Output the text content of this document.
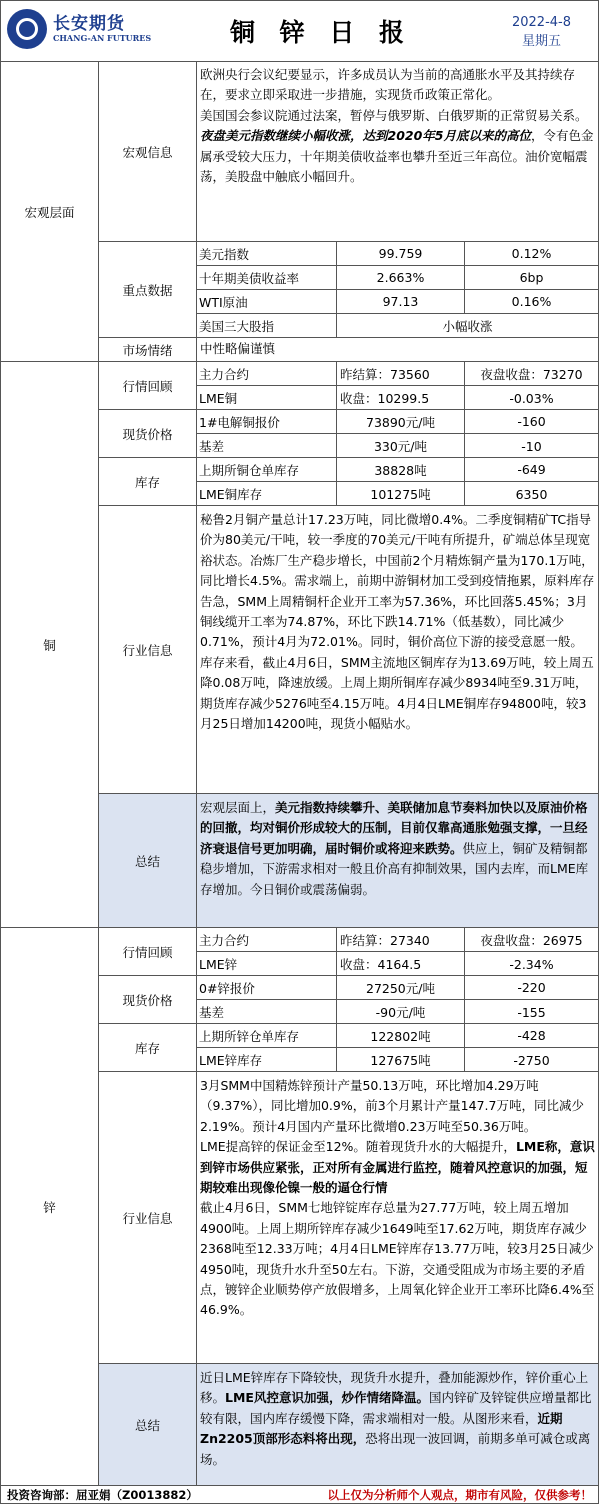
长安期货
CHANG-AN FUTURES	铜 锌 日 报	2022-4-8
星期五
宏观层面
宏观信息

欧洲央行会议纪要显示，许多成员认为当前的高通胀水平及其持续存在，要求立即采取进一步措施，实现货币政策正常化。

美国国会参议院通过法案，暂停与俄罗斯、白俄罗斯的正常贸易关系。

夜盘美元指数继续小幅收涨，达到2020年5月底以来的高位，令有色金属承受较大压力，十年期美债收益率也攀升至近三年高位。油价宽幅震荡，美股盘中触底小幅回升。

重点数据
美元指数	99.759	0.12%
十年期美债收益率	2.663%	6bp
WTI原油	97.13	0.16%
美国三大股指	小幅收涨
市场情绪	中性略偏谨慎
铜
行情回顾
主力合约	昨结算：73560	夜盘收盘：73270
LME铜	收盘：10299.5	-0.03%
现货价格
1#电解铜报价	73890元/吨	-160
基差	330元/吨	-10
库存
上期所铜仓单库存	38828吨	-649
LME铜库存	101275吨	6350
行业信息
秘鲁2月铜产量总计17.23万吨，同比微增0.4%。二季度铜精矿TC指导价为80美元/干吨，较一季度的70美元/干吨有所提升，矿端总体呈现宽裕状态。冶炼厂生产稳步增长，中国前2个月精炼铜产量为170.1万吨，同比增长4.5%。需求端上，前期中游铜材加工受到疫情拖累，原料库存告急，SMM上周精铜杆企业开工率为57.36%，环比回落5.45%；3月铜线缆开工率为74.87%，环比下跌14.71%（低基数），同比减少0.71%，预计4月为72.01%。同时，铜价高位下游的接受意愿一般。库存来看，截止4月6日，SMM主流地区铜库存为13.69万吨，较上周五降0.08万吨，降速放缓。上周上期所铜库存减少8934吨至9.31万吨，期货库存减少5276吨至4.15万吨。4月4日LME铜库存94800吨，较3月25日增加14200吨，现货小幅贴水。
总结
宏观层面上，美元指数持续攀升、美联储加息节奏料加快以及原油价格的回撤，均对铜价形成较大的压制，目前仅靠高通胀勉强支撑，一旦经济衰退信号更加明确，届时铜价或将迎来跌势。供应上，铜矿及精铜都稳步增加，下游需求相对一般且价高有抑制效果，国内去库，而LME库存增加。今日铜价或震荡偏弱。
锌
行情回顾
主力合约	昨结算：27340	夜盘收盘：26975
LME锌	收盘：4164.5	-2.34%
现货价格
0#锌报价	27250元/吨	-220
基差	-90元/吨	-155
库存
上期所锌仓单库存	122802吨	-428
LME锌库存	127675吨	-2750
行业信息

3月SMM中国精炼锌预计产量50.13万吨，环比增加4.29万吨（9.37%），同比增加0.9%，前3个月累计产量147.7万吨，同比减少2.19%。预计4月国内产量环比微增0.23万吨至50.36万吨。

LME提高锌的保证金至12%。随着现货升水的大幅提升，LME称，意识到锌市场供应紧张，正对所有金属进行监控，随着风控意识的加强，短期较难出现像伦镍一般的逼仓行情

截止4月6日，SMM七地锌锭库存总量为27.77万吨，较上周五增加4900吨。上周上期所锌库存减少1649吨至17.62万吨，期货库存减少2368吨至12.33万吨；4月4日LME锌库存13.77万吨，较3月25日减少4950吨，现货升水升至50左右。下游，交通受阻成为市场主要的矛盾点，镀锌企业顺势停产放假增多，上周氧化锌企业开工率环比降6.4%至46.9%。

总结
近日LME锌库存下降较快，现货升水提升，叠加能源炒作，锌价重心上移。LME风控意识加强，炒作情绪降温。国内锌矿及锌锭供应增量都比较有限，国内库存缓慢下降，需求端相对一般。从图形来看，近期Zn2205顶部形态料将出现，恐将出现一波回调，前期多单可减仓或离场。
投资咨询部：屈亚娟（Z0013882）	以上仅为分析师个人观点，期市有风险，仅供参考！
